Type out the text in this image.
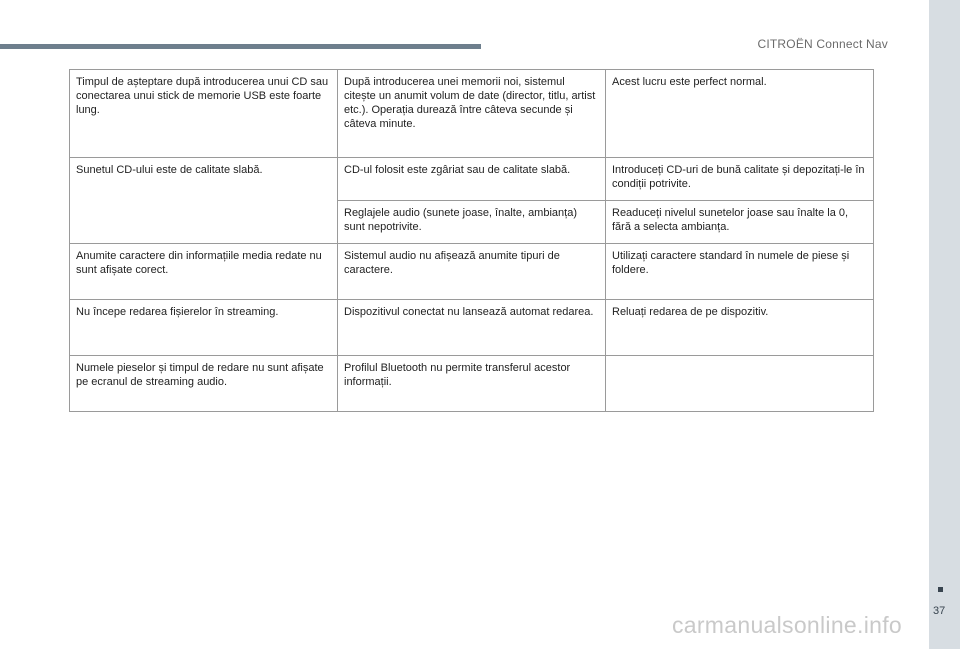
CITROËN Connect Nav
37
carmanualsonline.info
Timpul de așteptare după introducerea unui CD sau conectarea unui stick de memorie USB este foarte lung.	După introducerea unei memorii noi, sistemul citește un anumit volum de date (director, titlu, artist etc.). Operația durează între câteva secunde și câteva minute.	Acest lucru este perfect normal.
Sunetul CD-ului este de calitate slabă.	CD-ul folosit este zgâriat sau de calitate slabă.	Introduceți CD-uri de bună calitate și depozitați-le în condiții potrivite.
	Reglajele audio (sunete joase, înalte, ambianța) sunt nepotrivite.	Readuceți nivelul sunetelor joase sau înalte la 0, fără a selecta ambianța.
Anumite caractere din informațiile media redate nu sunt afișate corect.	Sistemul audio nu afișează anumite tipuri de caractere.	Utilizați caractere standard în numele de piese și foldere.
Nu începe redarea fișierelor în streaming.	Dispozitivul conectat nu lansează automat redarea.	Reluați redarea de pe dispozitiv.
Numele pieselor și timpul de redare nu sunt afișate pe ecranul de streaming audio.	Profilul Bluetooth nu permite transferul acestor informații.	
